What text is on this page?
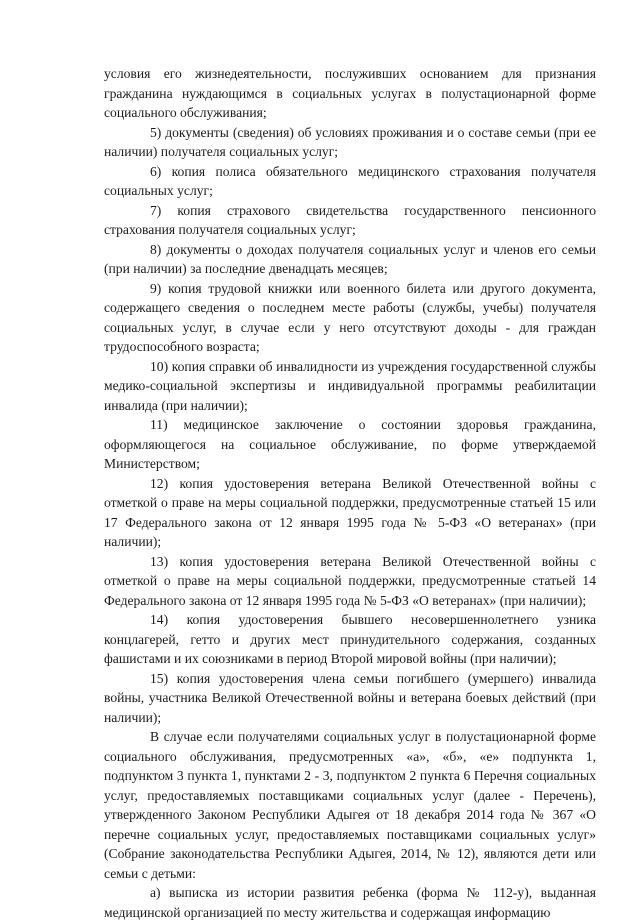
условия его жизнедеятельности, послуживших основанием для признания гражданина нуждающимся в социальных услугах в полустационарной форме социального обслуживания;

5) документы (сведения) об условиях проживания и о составе семьи (при ее наличии) получателя социальных услуг;

6) копия полиса обязательного медицинского страхования получателя социальных услуг;

7) копия страхового свидетельства государственного пенсионного страхования получателя социальных услуг;

8) документы о доходах получателя социальных услуг и членов его семьи (при наличии) за последние двенадцать месяцев;

9) копия трудовой книжки или военного билета или другого документа, содержащего сведения о последнем месте работы (службы, учебы) получателя социальных услуг, в случае если у него отсутствуют доходы - для граждан трудоспособного возраста;

10) копия справки об инвалидности из учреждения государственной службы медико-социальной экспертизы и индивидуальной программы реабилитации инвалида (при наличии);

11) медицинское заключение о состоянии здоровья гражданина, оформляющегося на социальное обслуживание, по форме утверждаемой Министерством;

12) копия удостоверения ветерана Великой Отечественной войны с отметкой о праве на меры социальной поддержки, предусмотренные статьей 15 или 17 Федерального закона от 12 января 1995 года № 5-ФЗ «О ветеранах» (при наличии);

13) копия удостоверения ветерана Великой Отечественной войны с отметкой о праве на меры социальной поддержки, предусмотренные статьей 14 Федерального закона от 12 января 1995 года № 5-ФЗ «О ветеранах» (при наличии);

14) копия удостоверения бывшего несовершеннолетнего узника концлагерей, гетто и других мест принудительного содержания, созданных фашистами и их союзниками в период Второй мировой войны (при наличии);

15) копия удостоверения члена семьи погибшего (умершего) инвалида войны, участника Великой Отечественной войны и ветерана боевых действий (при наличии);

В случае если получателями социальных услуг в полустационарной форме социального обслуживания, предусмотренных «а», «б», «е» подпункта 1, подпунктом 3 пункта 1, пунктами 2 - 3, подпунктом 2 пункта 6 Перечня социальных услуг, предоставляемых поставщиками социальных услуг (далее - Перечень), утвержденного Законом Республики Адыгея от 18 декабря 2014 года № 367 «О перечне социальных услуг, предоставляемых поставщиками социальных услуг» (Собрание законодательства Республики Адыгея, 2014, № 12), являются дети или семьи с детьми:

а) выписка из истории развития ребенка (форма № 112-у), выданная медицинской организацией по месту жительства и содержащая информацию
